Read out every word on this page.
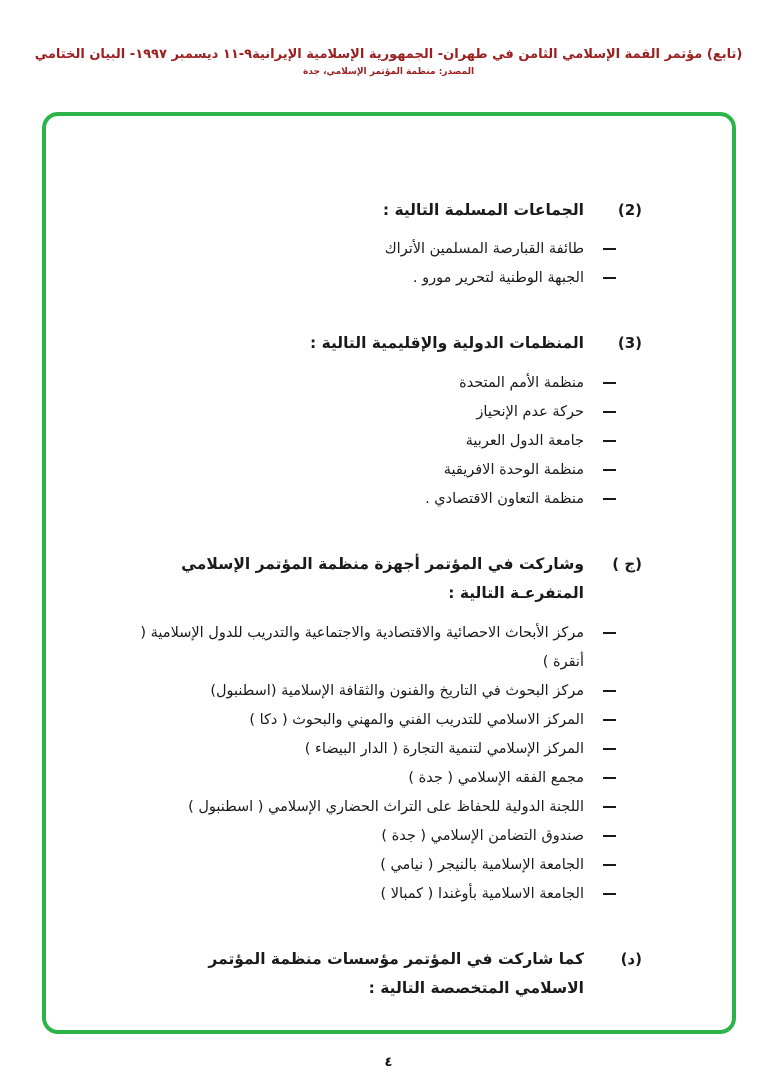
(تابع) مؤتمر القمة الإسلامي الثامن في طهران- الجمهورية الإسلامية الإيرانية٩-١١ ديسمبر ١٩٩٧- البيان الختامي
المصدر: منظمة المؤتمر الإسلامي، جدة
(2)
الجماعات المسلمة التالية :
طائفة القبارصة المسلمين الأتراك
الجبهة الوطنية لتحرير مورو .
(3)
المنظمات الدولية والإقليمية التالية :
منظمة الأمم المتحدة
حركة عدم الإنحياز
جامعة الدول العربية
منظمة الوحدة الافريقية
منظمة التعاون الاقتصادي .
(ج )
وشاركت في المؤتمر أجهزة منظمة المؤتمر الإسلامي المتفرعـة التالية :
مركز الأبحاث الاحصائية والاقتصادية والاجتماعية والتدريب للدول الإسلامية ( أنقرة )
مركز البحوث في التاريخ والفنون والثقافة الإسلامية (اسطنبول)
المركز الاسلامي للتدريب الفني والمهني والبحوث ( دكا )
المركز الإسلامي لتنمية التجارة ( الدار البيضاء )
مجمع الفقه الإسلامي ( جدة )
اللجنة الدولية للحفاظ على التراث الحضاري الإسلامي ( اسطنبول )
صندوق التضامن الإسلامي ( جدة )
الجامعة الإسلامية بالنيجر ( نيامي )
الجامعة الاسلامية بأوغندا ( كمبالا )
(د)
كما شاركت في المؤتمر مؤسسات منظمة المؤتمر الاسلامي المتخصصة التالية :
٤
